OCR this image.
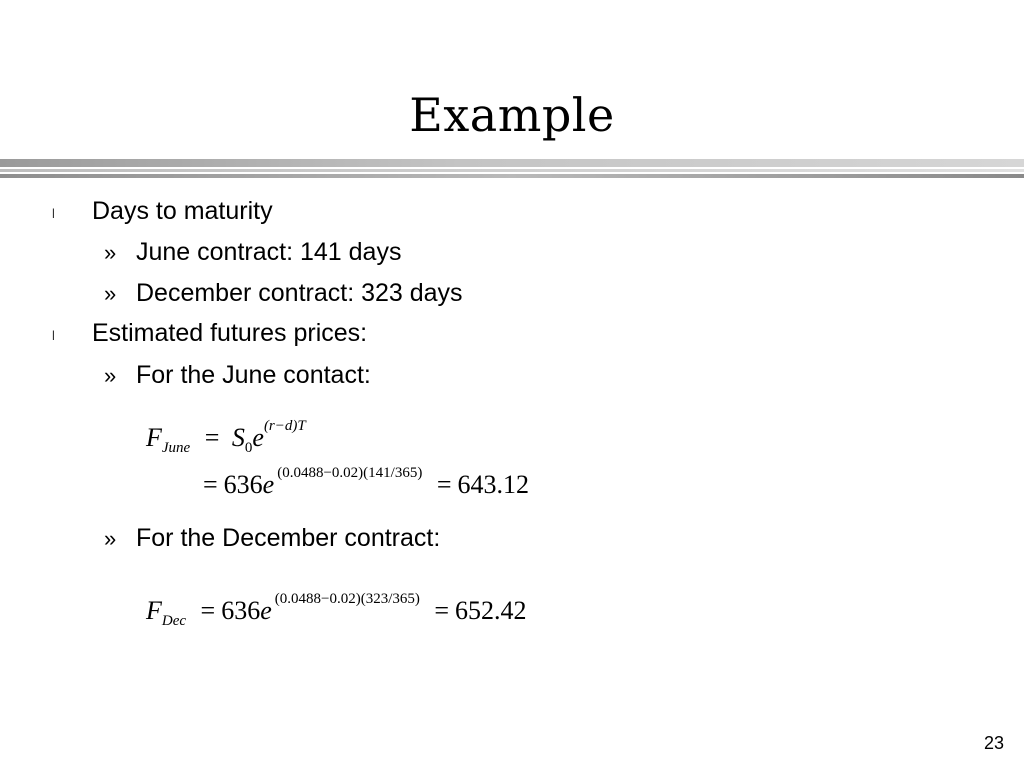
Example
l Days to maturity
» June contract: 141 days
» December contract: 323 days
l Estimated futures prices:
» For the June contact:
$F_{June} = S_0e^{(r-d)T}$
= 636e $^{(0.0488-0.02)(141/365)}$ = 643.12
» For the December contract:
$F_{Dec} = 636e$ $^{(0.0488-0.02)(323/365)}$ = 652.42
23
